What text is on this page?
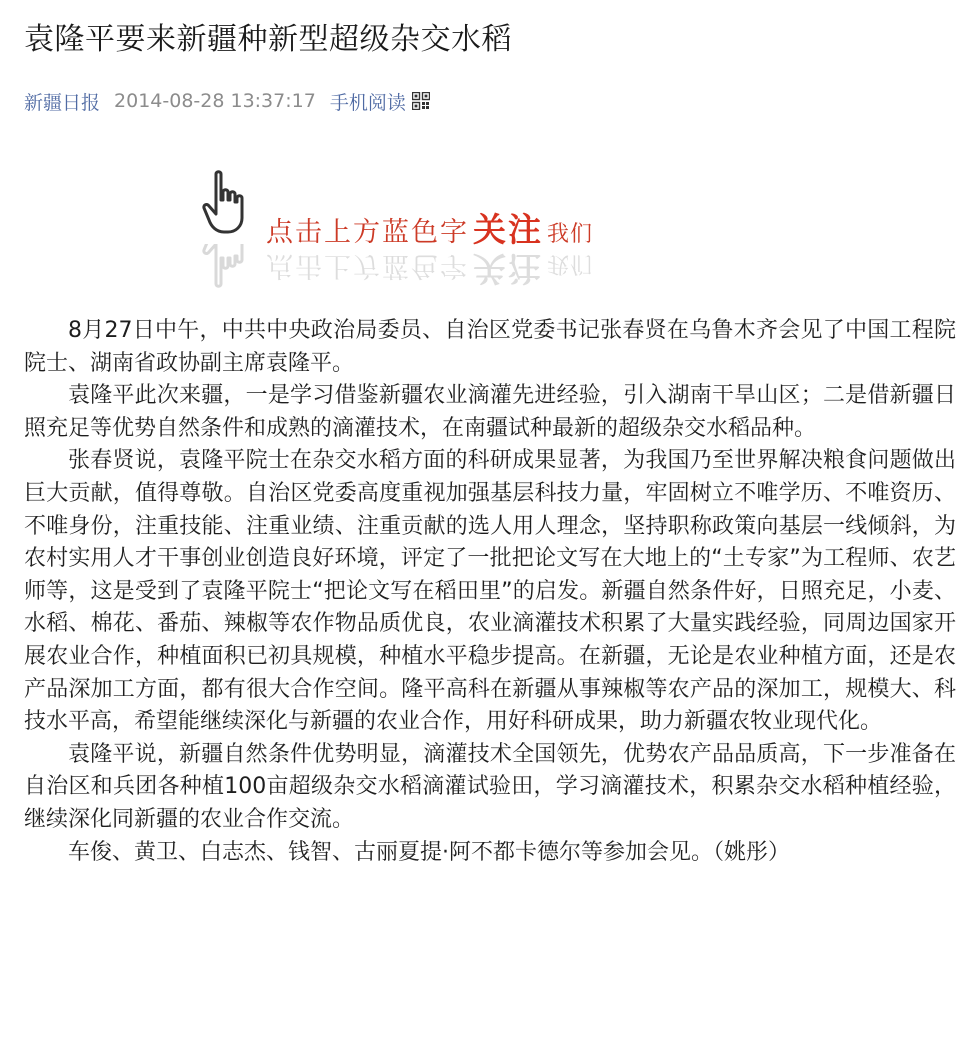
袁隆平要来新疆种新型超级杂交水稻
新疆日报 2014-08-28 13:37:17 手机阅读
点击上方蓝色字 关注 我们
点击上方蓝色字 关注 我们

8月27日中午，中共中央政治局委员、自治区党委书记张春贤在乌鲁木齐会见了中国工程院院士、湖南省政协副主席袁隆平。

袁隆平此次来疆，一是学习借鉴新疆农业滴灌先进经验，引入湖南干旱山区；二是借新疆日照充足等优势自然条件和成熟的滴灌技术，在南疆试种最新的超级杂交水稻品种。

张春贤说，袁隆平院士在杂交水稻方面的科研成果显著，为我国乃至世界解决粮食问题做出巨大贡献，值得尊敬。自治区党委高度重视加强基层科技力量，牢固树立不唯学历、不唯资历、不唯身份，注重技能、注重业绩、注重贡献的选人用人理念，坚持职称政策向基层一线倾斜，为农村实用人才干事创业创造良好环境，评定了一批把论文写在大地上的“土专家”为工程师、农艺师等，这是受到了袁隆平院士“把论文写在稻田里”的启发。新疆自然条件好，日照充足，小麦、水稻、棉花、番茄、辣椒等农作物品质优良，农业滴灌技术积累了大量实践经验，同周边国家开展农业合作，种植面积已初具规模，种植水平稳步提高。在新疆，无论是农业种植方面，还是农产品深加工方面，都有很大合作空间。隆平高科在新疆从事辣椒等农产品的深加工，规模大、科技水平高，希望能继续深化与新疆的农业合作，用好科研成果，助力新疆农牧业现代化。

袁隆平说，新疆自然条件优势明显，滴灌技术全国领先，优势农产品品质高，下一步准备在自治区和兵团各种植100亩超级杂交水稻滴灌试验田，学习滴灌技术，积累杂交水稻种植经验，继续深化同新疆的农业合作交流。

车俊、黄卫、白志杰、钱智、古丽夏提·阿不都卡德尔等参加会见。（姚彤）
